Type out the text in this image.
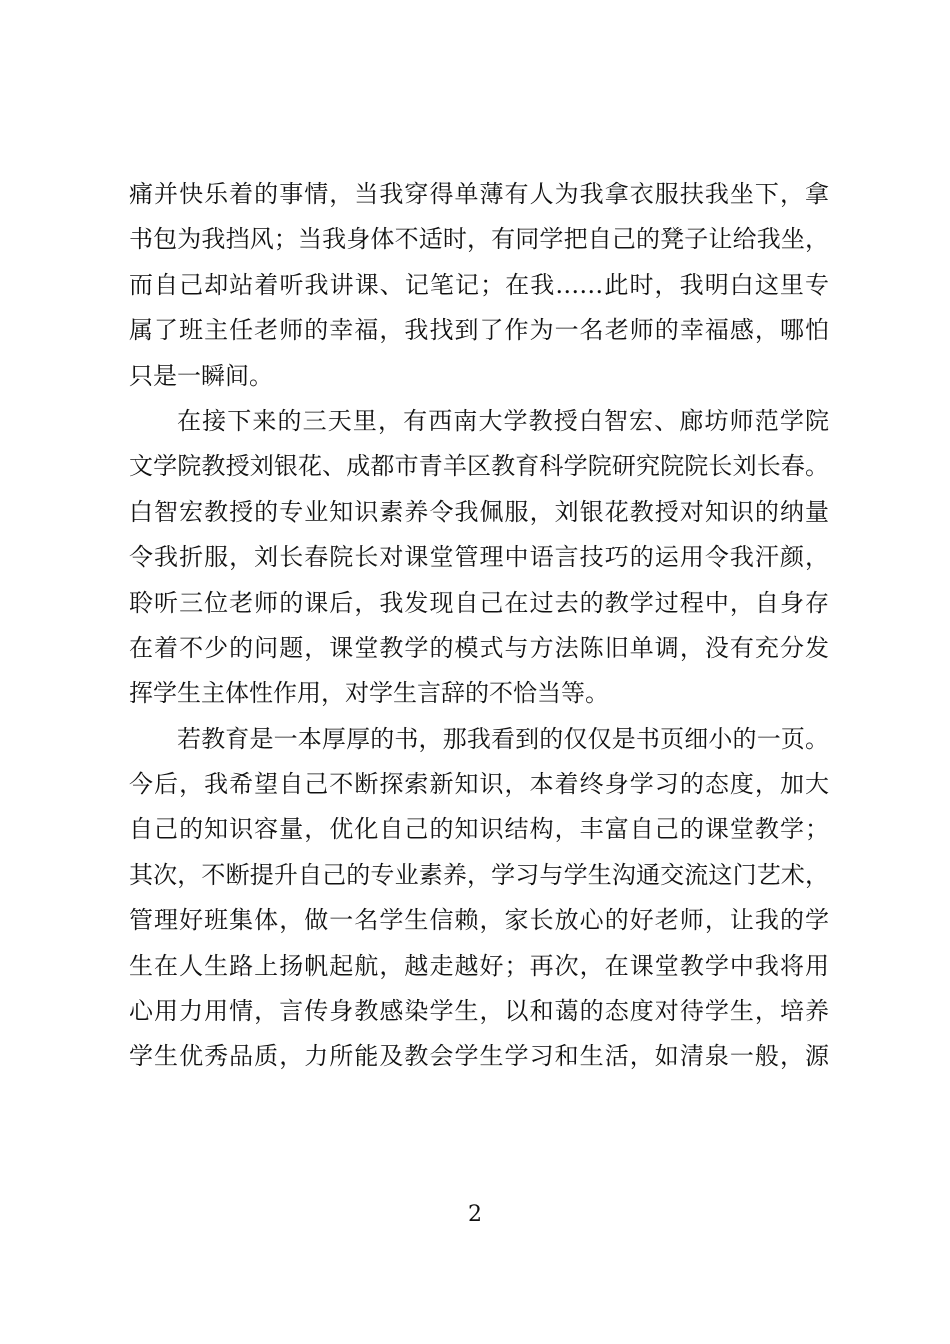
痛并快乐着的事情，当我穿得单薄有人为我拿衣服扶我坐下，拿
书包为我挡风；当我身体不适时，有同学把自己的凳子让给我坐，
而自己却站着听我讲课、记笔记；在我……此时，我明白这里专
属了班主任老师的幸福，我找到了作为一名老师的幸福感，哪怕
只是一瞬间。

在接下来的三天里，有西南大学教授白智宏、廊坊师范学院
文学院教授刘银花、成都市青羊区教育科学院研究院院长刘长春。
白智宏教授的专业知识素养令我佩服，刘银花教授对知识的纳量
令我折服，刘长春院长对课堂管理中语言技巧的运用令我汗颜，
聆听三位老师的课后，我发现自己在过去的教学过程中，自身存
在着不少的问题，课堂教学的模式与方法陈旧单调，没有充分发
挥学生主体性作用，对学生言辞的不恰当等。

若教育是一本厚厚的书，那我看到的仅仅是书页细小的一页。
今后，我希望自己不断探索新知识，本着终身学习的态度，加大
自己的知识容量，优化自己的知识结构，丰富自己的课堂教学；
其次，不断提升自己的专业素养，学习与学生沟通交流这门艺术，
管理好班集体，做一名学生信赖，家长放心的好老师，让我的学
生在人生路上扬帆起航，越走越好；再次，在课堂教学中我将用
心用力用情，言传身教感染学生，以和蔼的态度对待学生，培养
学生优秀品质，力所能及教会学生学习和生活，如清泉一般，源

2
